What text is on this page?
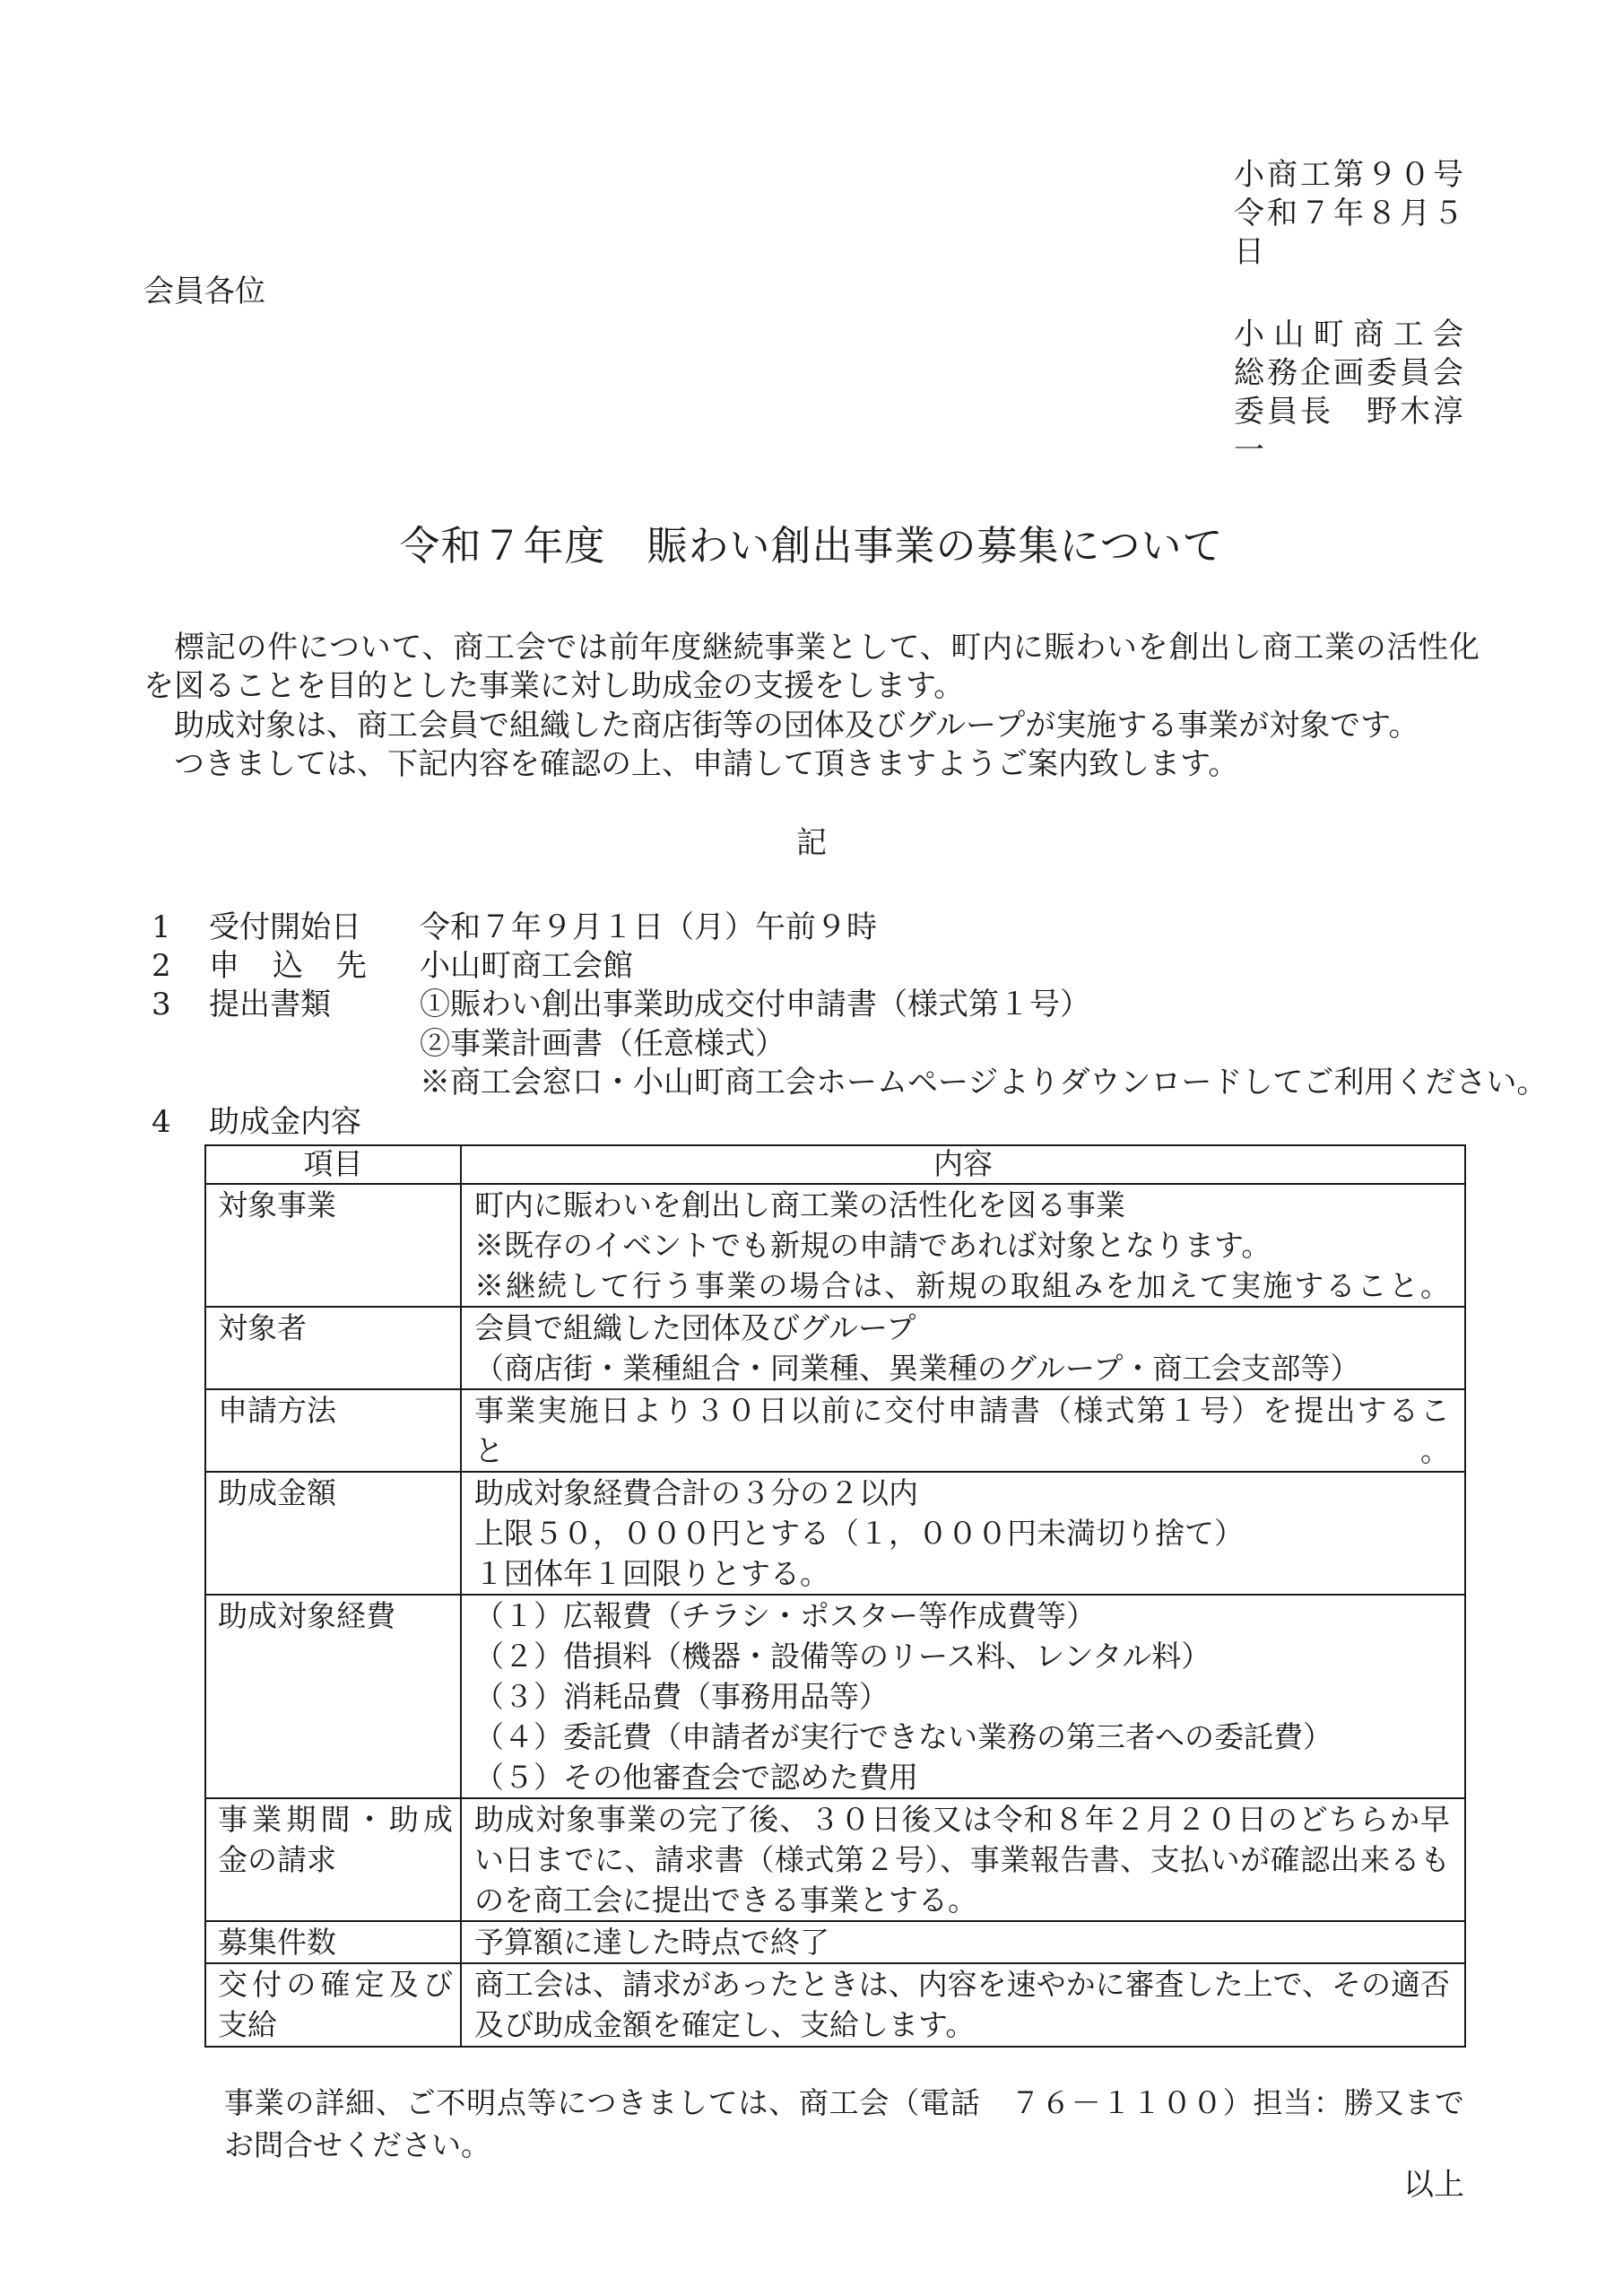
小商工第９０号
令和７年８月５日
会員各位
小山町商工会
総務企画委員会
委員長　野木淳一
令和７年度　賑わい創出事業の募集について

標記の件について、商工会では前年度継続事業として、町内に賑わいを創出し商工業の活性化を図ることを目的とした事業に対し助成金の支援をします。

助成対象は、商工会員で組織した商店街等の団体及びグループが実施する事業が対象です。

つきましては、下記内容を確認の上、申請して頂きますようご案内致します。

記
1	受付開始日	令和７年９月１日（月）午前９時
2	申込先 小山町商工会館
3	提出書類	①賑わい創出事業助成交付申請書（様式第１号）
②事業計画書（任意様式）
※商工会窓口・小山町商工会ホームページよりダウンロードしてご利用ください。
4	助成金内容
項目	内容
対象事業	町内に賑わいを創出し商工業の活性化を図る事業
※既存のイベントでも新規の申請であれば対象となります。
※継続して行う事業の場合は、新規の取組みを加えて実施すること。

対象者	会員で組織した団体及びグループ
（商店街・業種組合・同業種、異業種のグループ・商工会支部等）

申請方法	事業実施日より３０日以前に交付申請書（様式第１号）を提出すること。

助成金額	助成対象経費合計の３分の２以内
上限５０，０００円とする（１，０００円未満切り捨て）
１団体年１回限りとする。

助成対象経費	（１）広報費（チラシ・ポスター等作成費等）
（２）借損料（機器・設備等のリース料、レンタル料）
（３）消耗品費（事務用品等）
（４）委託費（申請者が実行できない業務の第三者への委託費）
（５）その他審査会で認めた費用

事業期間・助成金の請求	助成対象事業の完了後、３０日後又は令和８年２月２０日のどちらか早い日までに、請求書（様式第２号）、事業報告書、支払いが確認出来るものを商工会に提出できる事業とする。
募集件数	予算額に達した時点で終了

交付の確定及び支給	商工会は、請求があったときは、内容を速やかに審査した上で、その適否及び助成金額を確定し、支給します。
事業の詳細、ご不明点等につきましては、商工会（電話　７６－１１００）担当：勝又までお問合せください。
以上
